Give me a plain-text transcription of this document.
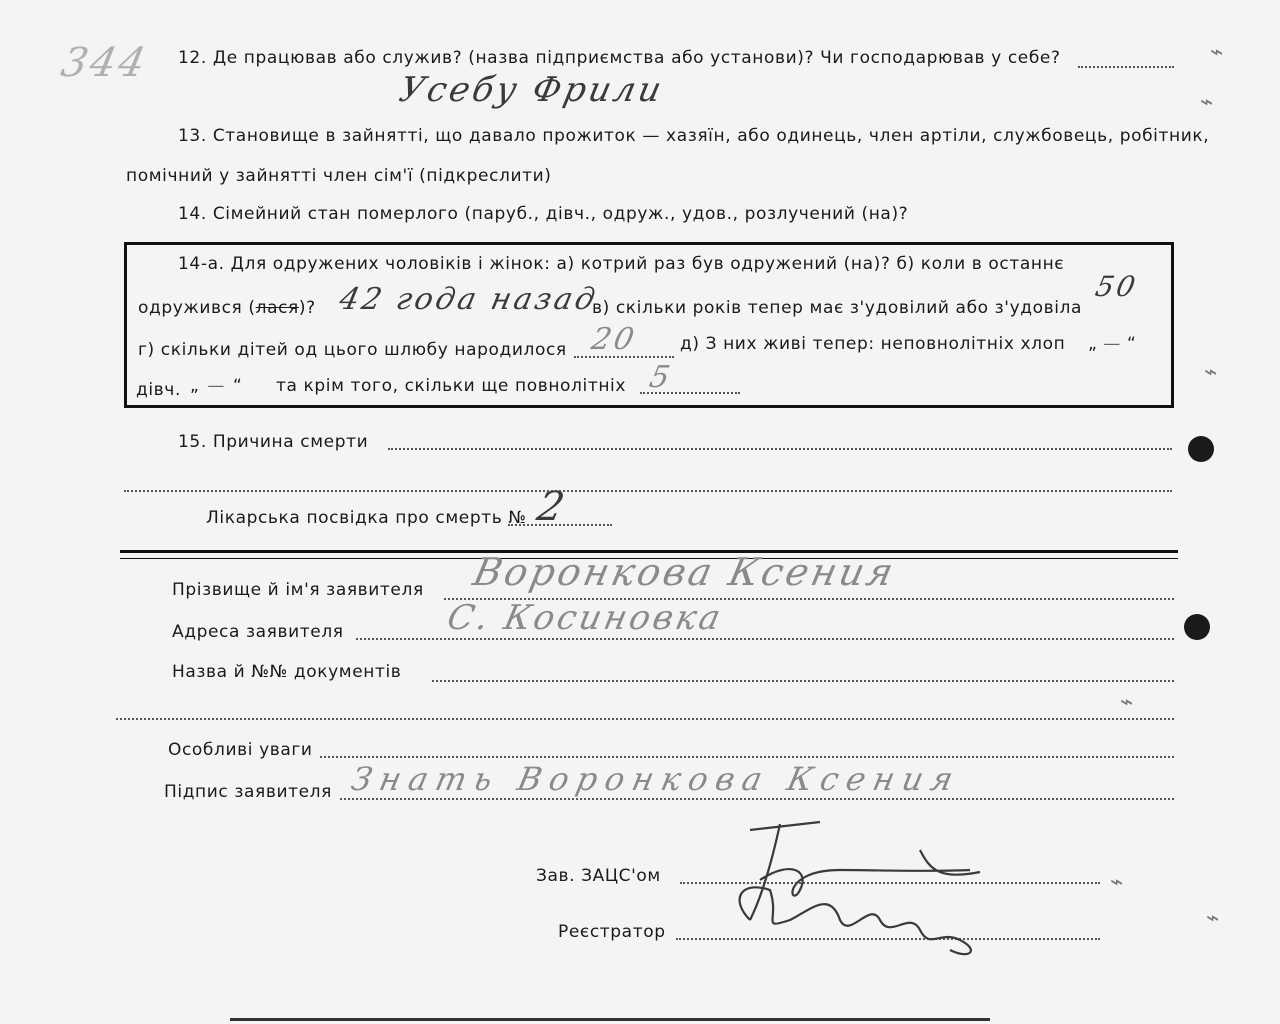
344 12. Де працював або служив? (назва підприємства або установи)? Чи господарював у себе?
Усебу Фрили
13. Становище в зайнятті, що давало прожиток — хазяїн, або одинець, член артіли, службовець, робітник,
помічний у зайнятті член сім'ї (підкреслити)
14. Сімейний стан померлого (паруб., дівч., одруж., удов., розлучений (на)?
14-а. Для одружених чоловіків і жінок: а) котрий раз був одружений (на)? б) коли в останнє
одружився (лася)? 42 года назад
в) скільки років тепер має з'удовілий або з'удовіла
50
г) скільки дітей од цього шлюбу народилося 20 д) З них живі тепер: неповнолітніх хлоп „ — “
дівч. „ — “ та крім того, скільки ще повнолітніх 5
15. Причина смерти
Лікарська посвідка про смерть № 2
Прізвище й ім'я заявителя Воронкова Ксения
Адреса заявителя	С. Косиновка
Назва й №№ документів
Особливі уваги
Підпис заявителя Знать Воронкова Ксения
Зав. ЗАЦС'ом
Реєстратор
⌁
⌁
⌁
⌁
⌁
⌁
